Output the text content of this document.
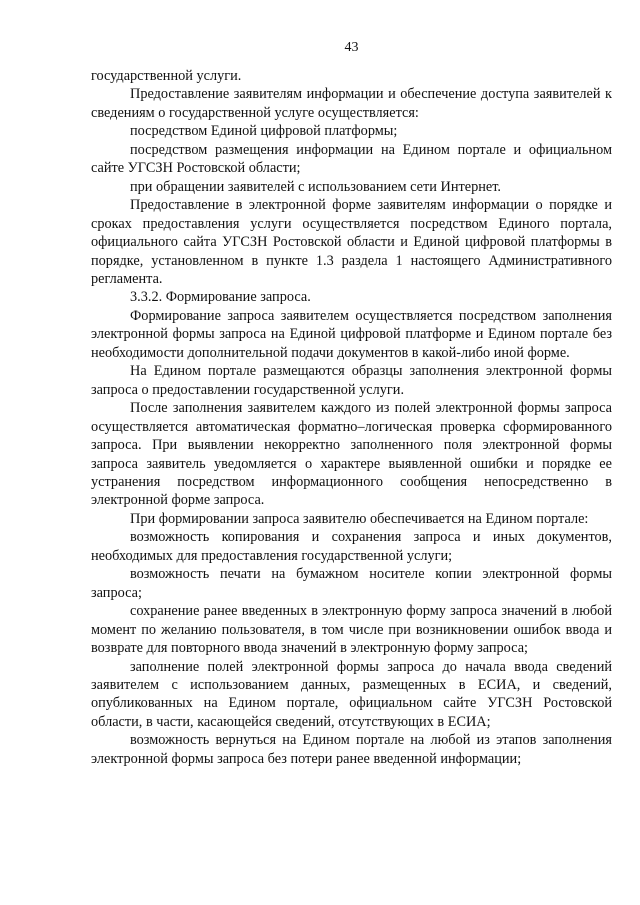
43

государственной услуги.

Предоставление заявителям информации и обеспечение доступа заявителей к сведениям о государственной услуге осуществляется:

посредством Единой цифровой платформы;

посредством размещения информации на Едином портале и официальном сайте УГСЗН Ростовской области;

при обращении заявителей с использованием сети Интернет.

Предоставление в электронной форме заявителям информации о порядке и сроках предоставления услуги осуществляется посредством Единого портала, официального сайта УГСЗН Ростовской области и Единой цифровой платформы в порядке, установленном в пункте 1.3 раздела 1 настоящего Административного регламента.

3.3.2. Формирование запроса.

Формирование запроса заявителем осуществляется посредством заполнения электронной формы запроса на Единой цифровой платформе и Едином портале без необходимости дополнительной подачи документов в какой-либо иной форме.

На Едином портале размещаются образцы заполнения электронной формы запроса о предоставлении государственной услуги.

После заполнения заявителем каждого из полей электронной формы запроса осуществляется автоматическая форматно–логическая проверка сформированного запроса. При выявлении некорректно заполненного поля электронной формы запроса заявитель уведомляется о характере выявленной ошибки и порядке ее устранения посредством информационного сообщения непосредственно в электронной форме запроса.

При формировании запроса заявителю обеспечивается на Едином портале:

возможность копирования и сохранения запроса и иных документов, необходимых для предоставления государственной услуги;

возможность печати на бумажном носителе копии электронной формы запроса;

сохранение ранее введенных в электронную форму запроса значений в любой момент по желанию пользователя, в том числе при возникновении ошибок ввода и возврате для повторного ввода значений в электронную форму запроса;

заполнение полей электронной формы запроса до начала ввода сведений заявителем с использованием данных, размещенных в ЕСИА, и сведений, опубликованных на Едином портале, официальном сайте УГСЗН Ростовской области, в части, касающейся сведений, отсутствующих в ЕСИА;

возможность вернуться на Едином портале на любой из этапов заполнения электронной формы запроса без потери ранее введенной информации;
